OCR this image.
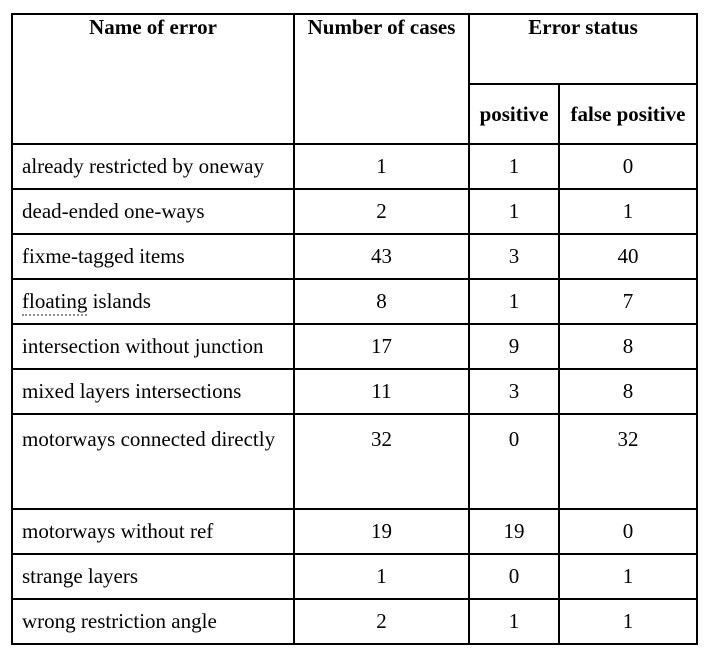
Name of error	Number of cases	Error status	
		positive	false positive
already restricted by oneway	1	1	0
dead-ended one-ways	2	1	1
fixme-tagged items	43	3	40
floating islands	8	1	7
intersection without junction	17	9	8
mixed layers intersections	11	3	8
motorways connected directly	32	0	32
motorways without ref	19	19	0
strange layers	1	0	1
wrong restriction angle	2	1	1
